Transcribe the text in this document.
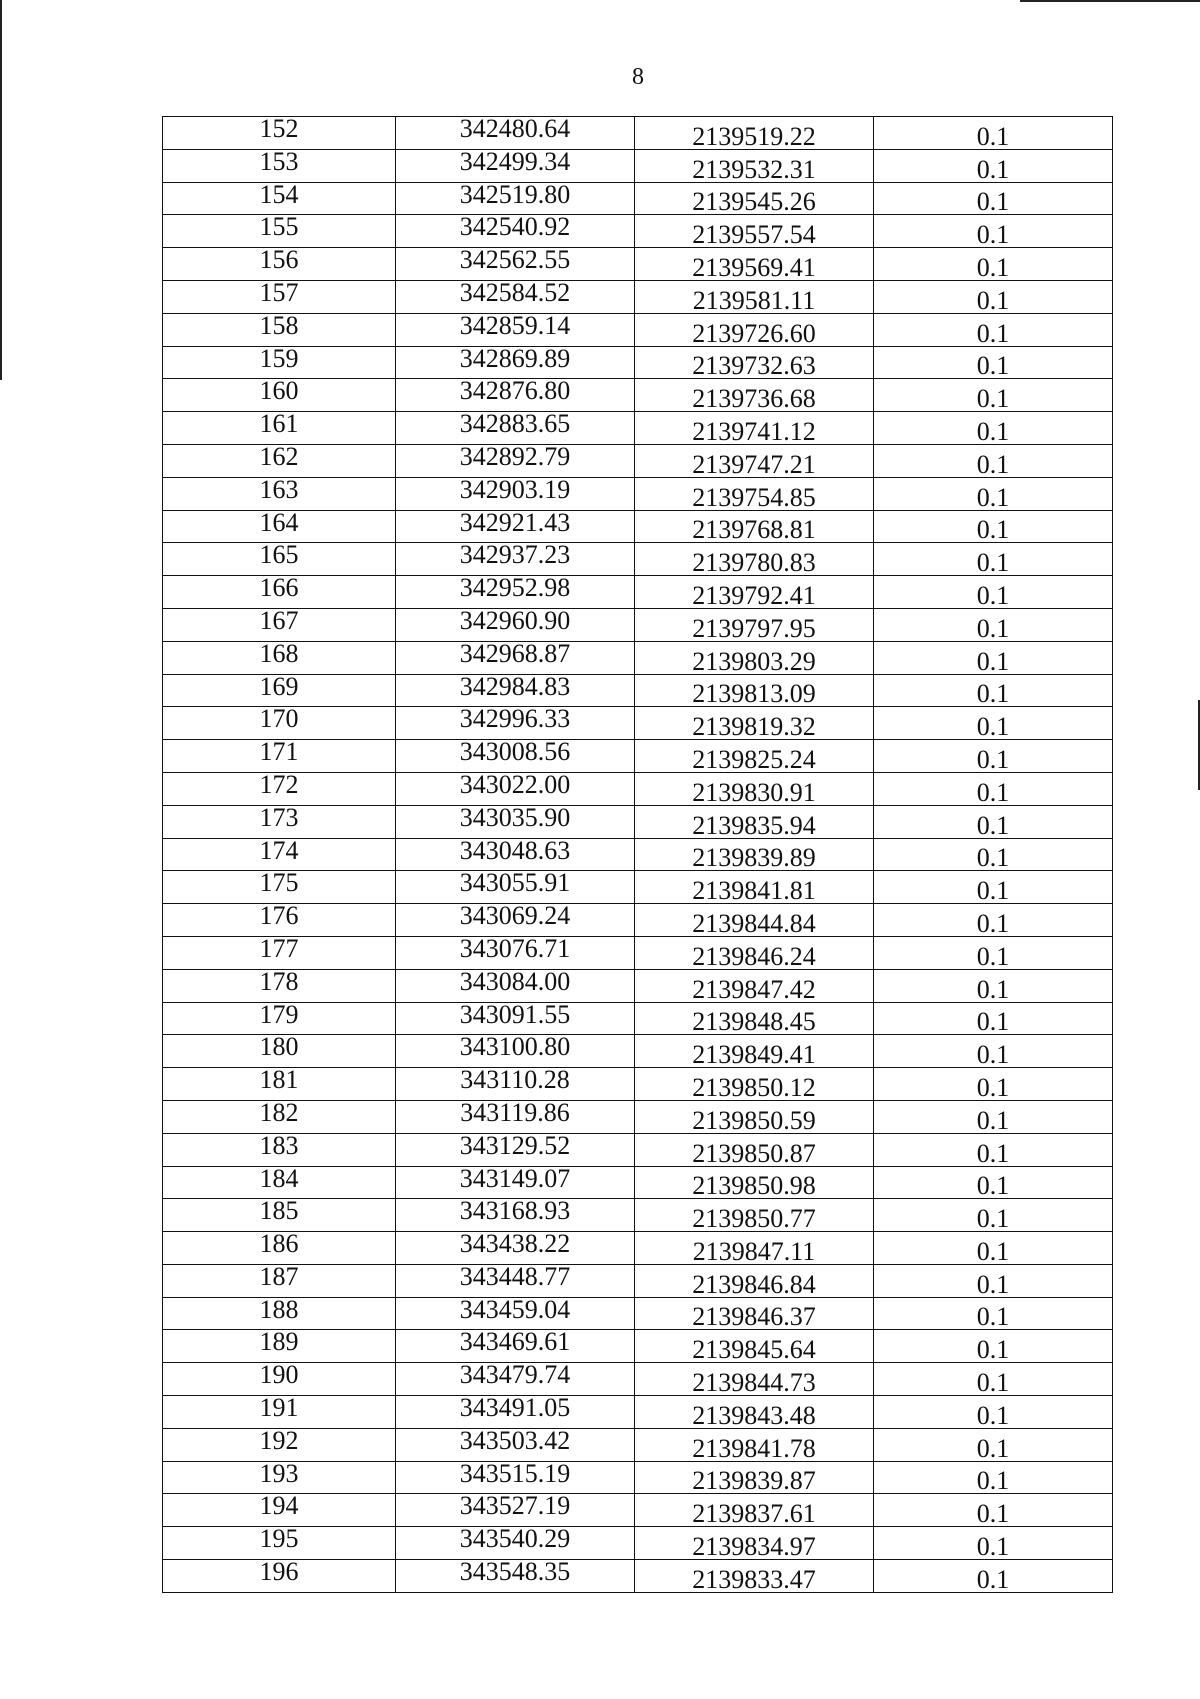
8
152	342480.64	2139519.22	0.1
153	342499.34	2139532.31	0.1
154	342519.80	2139545.26	0.1
155	342540.92	2139557.54	0.1
156	342562.55	2139569.41	0.1
157	342584.52	2139581.11	0.1
158	342859.14	2139726.60	0.1
159	342869.89	2139732.63	0.1
160	342876.80	2139736.68	0.1
161	342883.65	2139741.12	0.1
162	342892.79	2139747.21	0.1
163	342903.19	2139754.85	0.1
164	342921.43	2139768.81	0.1
165	342937.23	2139780.83	0.1
166	342952.98	2139792.41	0.1
167	342960.90	2139797.95	0.1
168	342968.87	2139803.29	0.1
169	342984.83	2139813.09	0.1
170	342996.33	2139819.32	0.1
171	343008.56	2139825.24	0.1
172	343022.00	2139830.91	0.1
173	343035.90	2139835.94	0.1
174	343048.63	2139839.89	0.1
175	343055.91	2139841.81	0.1
176	343069.24	2139844.84	0.1
177	343076.71	2139846.24	0.1
178	343084.00	2139847.42	0.1
179	343091.55	2139848.45	0.1
180	343100.80	2139849.41	0.1
181	343110.28	2139850.12	0.1
182	343119.86	2139850.59	0.1
183	343129.52	2139850.87	0.1
184	343149.07	2139850.98	0.1
185	343168.93	2139850.77	0.1
186	343438.22	2139847.11	0.1
187	343448.77	2139846.84	0.1
188	343459.04	2139846.37	0.1
189	343469.61	2139845.64	0.1
190	343479.74	2139844.73	0.1
191	343491.05	2139843.48	0.1
192	343503.42	2139841.78	0.1
193	343515.19	2139839.87	0.1
194	343527.19	2139837.61	0.1
195	343540.29	2139834.97	0.1
196	343548.35	2139833.47	0.1
